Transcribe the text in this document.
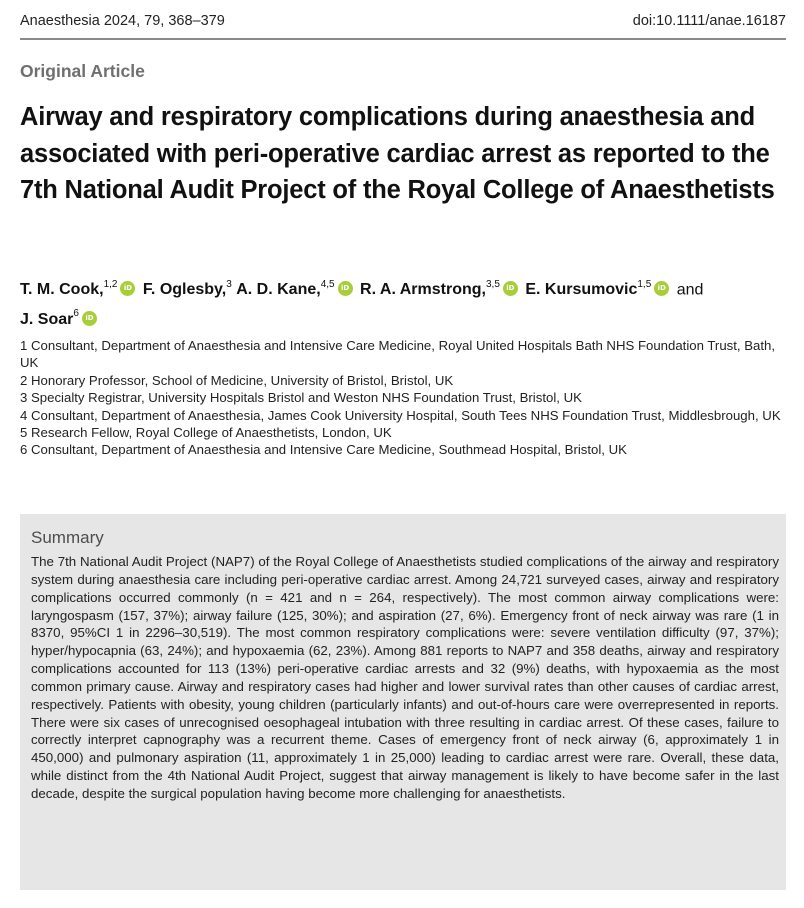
Anaesthesia 2024, 79, 368–379	doi:10.1111/anae.16187
Original Article
Airway and respiratory complications during anaesthesia and associated with peri-operative cardiac arrest as reported to the 7th National Audit Project of the Royal College of Anaesthetists
T. M. Cook,$^{1,2}$ iD F. Oglesby,$^3$ A. D. Kane,$^{4,5}$ iD R. A. Armstrong,$^{3,5}$ iD E. Kursumovic$^{1,5}$ iD and
J. Soar$^6$ iD
1 Consultant, Department of Anaesthesia and Intensive Care Medicine, Royal United Hospitals Bath NHS Foundation Trust, Bath, UK
2 Honorary Professor, School of Medicine, University of Bristol, Bristol, UK
3 Specialty Registrar, University Hospitals Bristol and Weston NHS Foundation Trust, Bristol, UK
4 Consultant, Department of Anaesthesia, James Cook University Hospital, South Tees NHS Foundation Trust, Middlesbrough, UK
5 Research Fellow, Royal College of Anaesthetists, London, UK
6 Consultant, Department of Anaesthesia and Intensive Care Medicine, Southmead Hospital, Bristol, UK
Summary

The 7th National Audit Project (NAP7) of the Royal College of Anaesthetists studied complications of the airway and respiratory system during anaesthesia care including peri-operative cardiac arrest. Among 24,721 surveyed cases, airway and respiratory complications occurred commonly (n = 421 and n = 264, respectively). The most common airway complications were: laryngospasm (157, 37%); airway failure (125, 30%); and aspiration (27, 6%). Emergency front of neck airway was rare (1 in 8370, 95%CI 1 in 2296–30,519). The most common respiratory complications were: severe ventilation difficulty (97, 37%); hyper/hypocapnia (63, 24%); and hypoxaemia (62, 23%). Among 881 reports to NAP7 and 358 deaths, airway and respiratory complications accounted for 113 (13%) peri-operative cardiac arrests and 32 (9%) deaths, with hypoxaemia as the most common primary cause. Airway and respiratory cases had higher and lower survival rates than other causes of cardiac arrest, respectively. Patients with obesity, young children (particularly infants) and out-of-hours care were overrepresented in reports. There were six cases of unrecognised oesophageal intubation with three resulting in cardiac arrest. Of these cases, failure to correctly interpret capnography was a recurrent theme. Cases of emergency front of neck airway (6, approximately 1 in 450,000) and pulmonary aspiration (11, approximately 1 in 25,000) leading to cardiac arrest were rare. Overall, these data, while distinct from the 4th National Audit Project, suggest that airway management is likely to have become safer in the last decade, despite the surgical population having become more challenging for anaesthetists.
